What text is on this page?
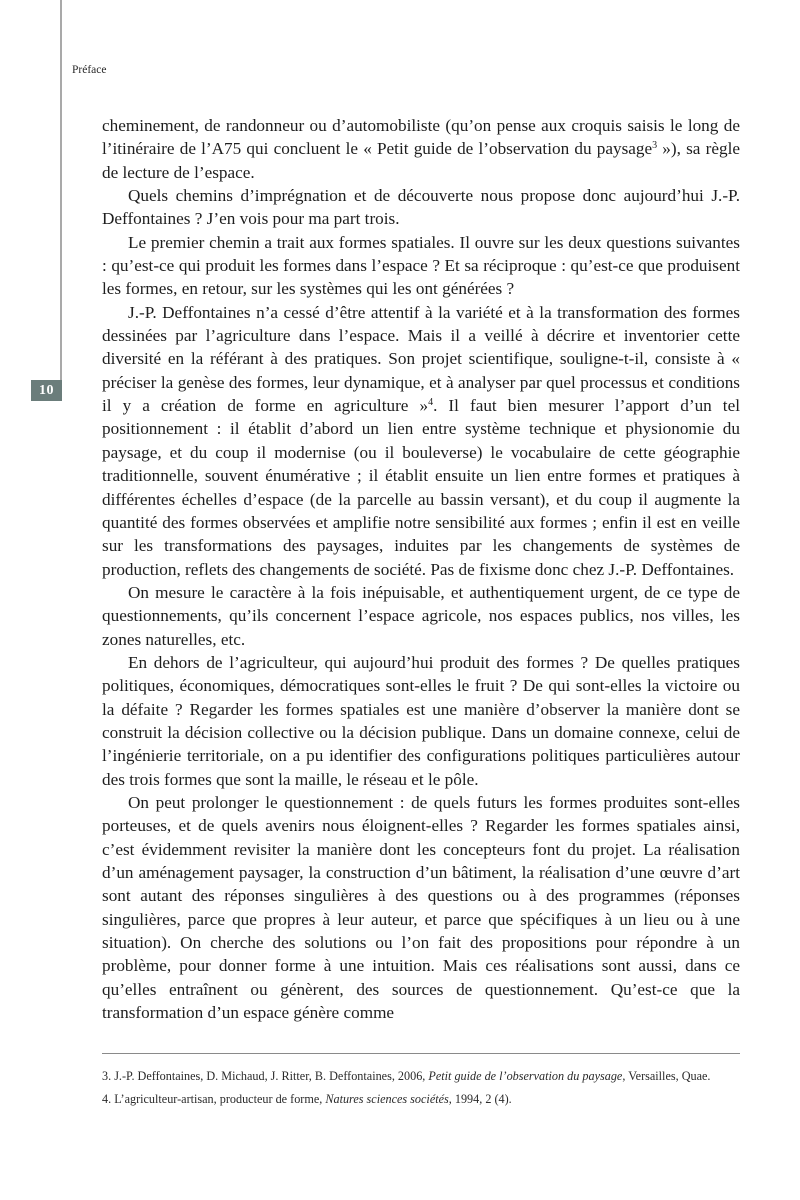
10
Préface

cheminement, de randonneur ou d’automobiliste (qu’on pense aux croquis saisis le long de l’itinéraire de l’A75 qui concluent le « Petit guide de l’observation du paysage$^3$ »), sa règle de lecture de l’espace.

Quels chemins d’imprégnation et de découverte nous propose donc aujourd’hui J.-P. Deffontaines ? J’en vois pour ma part trois.

Le premier chemin a trait aux formes spatiales. Il ouvre sur les deux questions suivantes : qu’est-ce qui produit les formes dans l’espace ? Et sa réciproque : qu’est-ce que produisent les formes, en retour, sur les systèmes qui les ont générées ?

J.-P. Deffontaines n’a cessé d’être attentif à la variété et à la transformation des formes dessinées par l’agriculture dans l’espace. Mais il a veillé à décrire et inventorier cette diversité en la référant à des pratiques. Son projet scientifique, souligne-t-il, consiste à « préciser la genèse des formes, leur dynamique, et à analyser par quel processus et conditions il y a création de forme en agriculture »$^4$. Il faut bien mesurer l’apport d’un tel positionnement : il établit d’abord un lien entre système technique et physionomie du paysage, et du coup il modernise (ou il bouleverse) le vocabulaire de cette géographie traditionnelle, souvent énumérative ; il établit ensuite un lien entre formes et pratiques à différentes échelles d’espace (de la parcelle au bassin versant), et du coup il augmente la quantité des formes observées et amplifie notre sensibilité aux formes ; enfin il est en veille sur les transformations des paysages, induites par les changements de systèmes de production, reflets des changements de société. Pas de fixisme donc chez J.-P. Deffontaines.

On mesure le caractère à la fois inépuisable, et authentiquement urgent, de ce type de questionnements, qu’ils concernent l’espace agricole, nos espaces publics, nos villes, les zones naturelles, etc.

En dehors de l’agriculteur, qui aujourd’hui produit des formes ? De quelles pratiques politiques, économiques, démocratiques sont-elles le fruit ? De qui sont-elles la victoire ou la défaite ? Regarder les formes spatiales est une manière d’observer la manière dont se construit la décision collective ou la décision publique. Dans un domaine connexe, celui de l’ingénierie territoriale, on a pu identifier des configurations politiques particulières autour des trois formes que sont la maille, le réseau et le pôle.

On peut prolonger le questionnement : de quels futurs les formes produites sont-elles porteuses, et de quels avenirs nous éloignent-elles ? Regarder les formes spatiales ainsi, c’est évidemment revisiter la manière dont les concepteurs font du projet. La réalisation d’un aménagement paysager, la construction d’un bâtiment, la réalisation d’une œuvre d’art sont autant des réponses singulières à des questions ou à des programmes (réponses singulières, parce que propres à leur auteur, et parce que spécifiques à un lieu ou à une situation). On cherche des solutions ou l’on fait des propositions pour répondre à un problème, pour donner forme à une intuition. Mais ces réalisations sont aussi, dans ce qu’elles entraînent ou génèrent, des sources de questionnement. Qu’est-ce que la transformation d’un espace génère comme

3. J.-P. Deffontaines, D. Michaud, J. Ritter, B. Deffontaines, 2006, Petit guide de l’observation du paysage, Versailles, Quae.

4. L’agriculteur-artisan, producteur de forme, Natures sciences sociétés, 1994, 2 (4).
